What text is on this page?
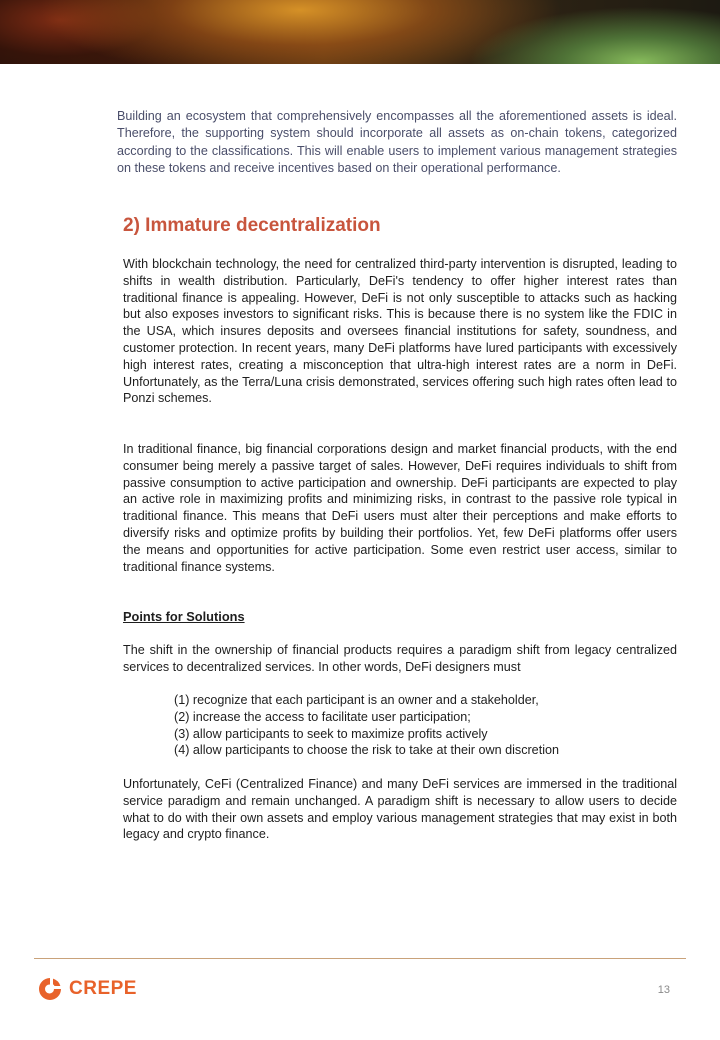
Building an ecosystem that comprehensively encompasses all the aforementioned assets is ideal. Therefore, the supporting system should incorporate all assets as on-chain tokens, categorized according to the classifications. This will enable users to implement various management strategies on these tokens and receive incentives based on their operational performance.

2) Immature decentralization

With blockchain technology, the need for centralized third-party intervention is disrupted, leading to shifts in wealth distribution. Particularly, DeFi's tendency to offer higher interest rates than traditional finance is appealing. However, DeFi is not only susceptible to attacks such as hacking but also exposes investors to significant risks. This is because there is no system like the FDIC in the USA, which insures deposits and oversees financial institutions for safety, soundness, and customer protection. In recent years, many DeFi platforms have lured participants with excessively high interest rates, creating a misconception that ultra-high interest rates are a norm in DeFi. Unfortunately, as the Terra/Luna crisis demonstrated, services offering such high rates often lead to Ponzi schemes.

In traditional finance, big financial corporations design and market financial products, with the end consumer being merely a passive target of sales. However, DeFi requires individuals to shift from passive consumption to active participation and ownership. DeFi participants are expected to play an active role in maximizing profits and minimizing risks, in contrast to the passive role typical in traditional finance. This means that DeFi users must alter their perceptions and make efforts to diversify risks and optimize profits by building their portfolios. Yet, few DeFi platforms offer users the means and opportunities for active participation. Some even restrict user access, similar to traditional finance systems.

Points for Solutions

The shift in the ownership of financial products requires a paradigm shift from legacy centralized services to decentralized services. In other words, DeFi designers must

(1) recognize that each participant is an owner and a stakeholder,
(2) increase the access to facilitate user participation;
(3) allow participants to seek to maximize profits actively
(4) allow participants to choose the risk to take at their own discretion

Unfortunately, CeFi (Centralized Finance) and many DeFi services are immersed in the traditional service paradigm and remain unchanged. A paradigm shift is necessary to allow users to decide what to do with their own assets and employ various management strategies that may exist in both legacy and crypto finance.

CREPE	13
